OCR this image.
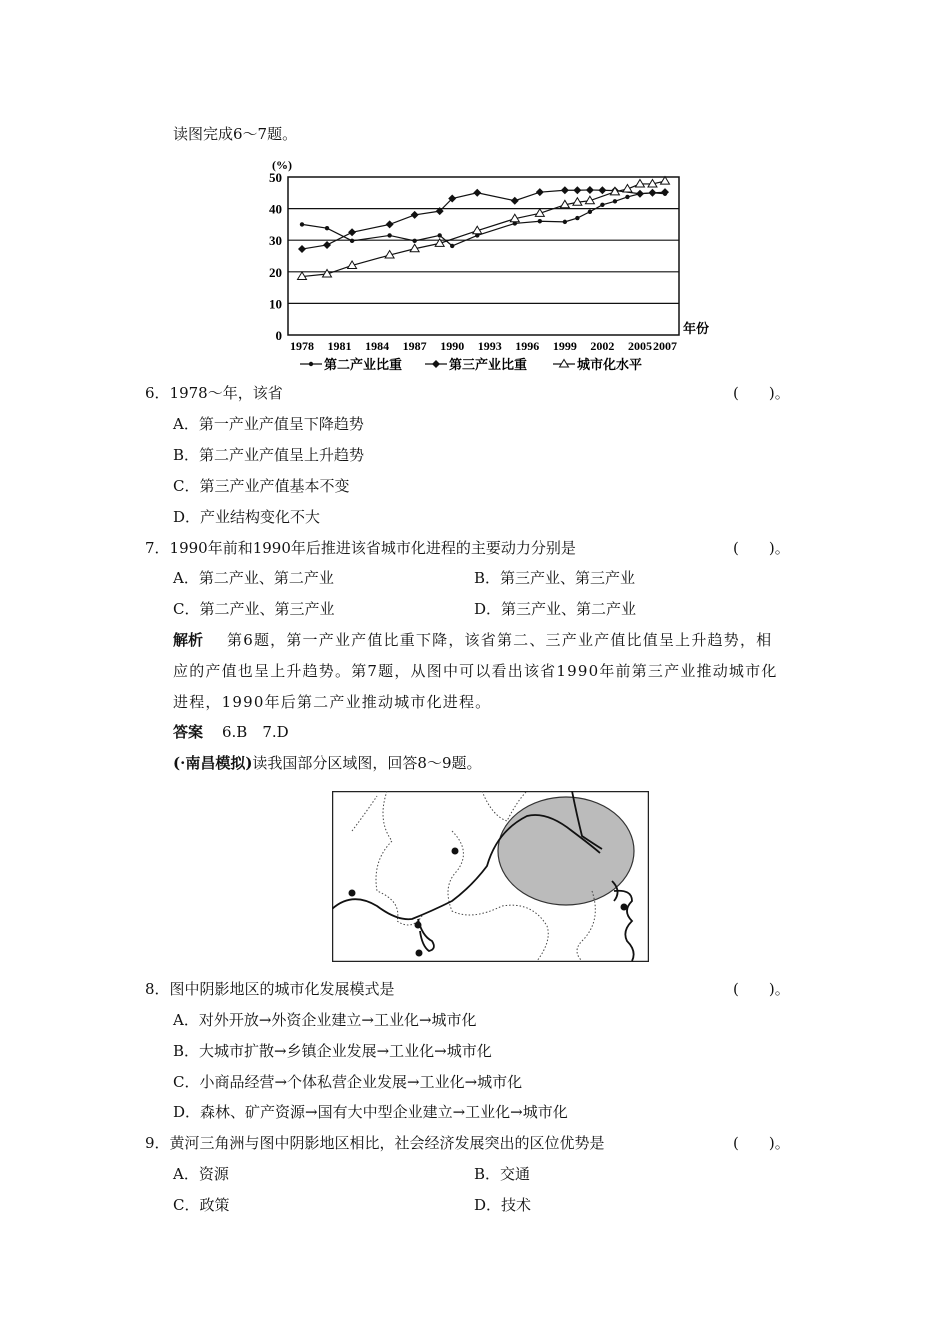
读图完成6～7题。
0
10
20
30
40
50
1978 1981 1984 1987 1990 1993 1996 1999 2002 2005 2007
(%)
年份
第二产业比重	第三产业比重	城市化水平
6．1978～年，该省	(　　)。
A．第一产业产值呈下降趋势
B．第二产业产值呈上升趋势
C．第三产业产值基本不变
D．产业结构变化不大
7．1990年前和1990年后推进该省城市化进程的主要动力分别是	(　　)。
A．第二产业、第二产业	B．第三产业、第三产业
C．第二产业、第三产业	D．第三产业、第二产业
解析 第6题，第一产业产值比重下降，该省第二、三产业产值比值呈上升趋势，相
应的产值也呈上升趋势。第7题，从图中可以看出该省1990年前第三产业推动城市化
进程，1990年后第二产业推动城市化进程。
答案 6.B　7.D
(·南昌模拟)读我国部分区域图，回答8～9题。
8．图中阴影地区的城市化发展模式是	(　　)。
A．对外开放→外资企业建立→工业化→城市化
B．大城市扩散→乡镇企业发展→工业化→城市化
C．小商品经营→个体私营企业发展→工业化→城市化
D．森林、矿产资源→国有大中型企业建立→工业化→城市化
9．黄河三角洲与图中阴影地区相比，社会经济发展突出的区位优势是	(　　)。
A．资源	B．交通
C．政策	D．技术
